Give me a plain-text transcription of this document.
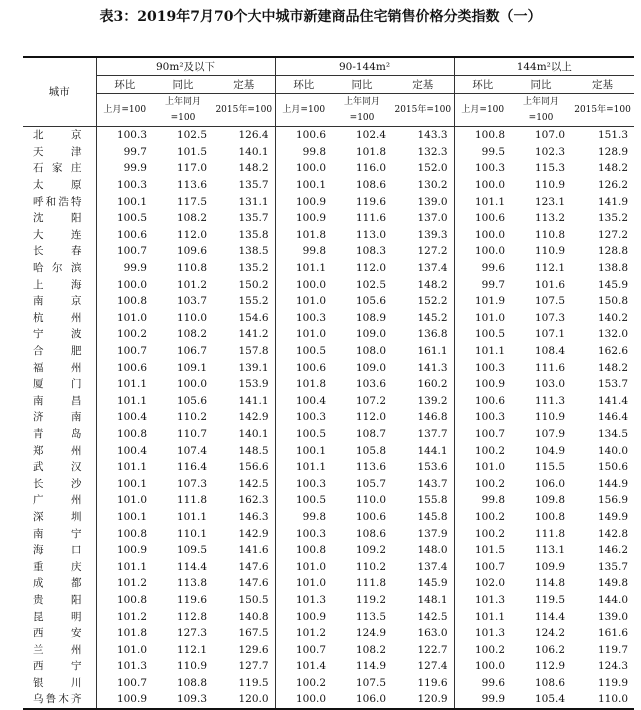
表3：2019年7月70个大中城市新建商品住宅销售价格分类指数（一）
城市	90m²及以下			90-144m²			144m²以上		
	环比	同比	定基	环比	同比	定基	环比	同比	定基
	上月=100	上年同月=100	2015年=100	上月=100	上年同月=100	2015年=100	上月=100	上年同月=100	2015年=100
北京	100.3	102.5	126.4	100.6	102.4	143.3	100.8	107.0	151.3
天津	99.7	101.5	140.1	99.8	101.8	132.3	99.5	102.3	128.9
石家庄	99.9	117.0	148.2	100.0	116.0	152.0	100.3	115.3	148.2
太原	100.3	113.6	135.7	100.1	108.6	130.2	100.0	110.9	126.2
呼和浩特	100.1	117.5	131.1	100.9	119.6	139.0	101.1	123.1	141.9
沈阳	100.5	108.2	135.7	100.9	111.6	137.0	100.6	113.2	135.2
大连	100.6	112.0	135.8	101.8	113.0	139.3	100.0	110.8	127.2
长春	100.7	109.6	138.5	99.8	108.3	127.2	100.0	110.9	128.8
哈尔滨	99.9	110.8	135.2	101.1	112.0	137.4	99.6	112.1	138.8
上海	100.0	101.2	150.2	100.0	102.5	148.2	99.7	101.6	145.9
南京	100.8	103.7	155.2	101.0	105.6	152.2	101.9	107.5	150.8
杭州	101.0	110.0	154.6	100.3	108.9	145.2	101.0	107.3	140.2
宁波	100.2	108.2	141.2	101.0	109.0	136.8	100.5	107.1	132.0
合肥	100.7	106.7	157.8	100.5	108.0	161.1	101.1	108.4	162.6
福州	100.6	109.1	139.1	100.6	109.0	141.3	100.3	111.6	148.2
厦门	101.1	100.0	153.9	101.8	103.6	160.2	100.9	103.0	153.7
南昌	101.1	105.6	141.1	100.4	107.2	139.2	100.6	111.3	141.4
济南	100.4	110.2	142.9	100.3	112.0	146.8	100.3	110.9	146.4
青岛	100.8	110.7	140.1	100.5	108.7	137.7	100.7	107.9	134.5
郑州	100.4	107.4	148.5	100.1	105.8	144.1	100.2	104.9	140.0
武汉	101.1	116.4	156.6	101.1	113.6	153.6	101.0	115.5	150.6
长沙	100.1	107.3	142.5	100.3	105.7	143.7	100.2	106.0	144.9
广州	101.0	111.8	162.3	100.5	110.0	155.8	99.8	109.8	156.9
深圳	100.1	101.1	146.3	99.8	100.6	145.8	100.2	100.8	149.9
南宁	100.8	110.1	142.9	100.3	108.6	137.9	100.2	111.8	142.8
海口	100.9	109.5	141.6	100.8	109.2	148.0	101.5	113.1	146.2
重庆	101.1	114.4	147.6	101.0	110.2	137.4	100.7	109.9	135.7
成都	101.2	113.8	147.6	101.0	111.8	145.9	102.0	114.8	149.8
贵阳	100.8	119.6	150.5	101.3	119.2	148.1	101.3	119.5	144.0
昆明	101.2	112.8	140.8	100.9	113.5	142.5	101.1	114.4	139.0
西安	101.8	127.3	167.5	101.2	124.9	163.0	101.3	124.2	161.6
兰州	101.0	112.1	129.6	100.7	108.2	122.7	100.2	106.2	119.7
西宁	101.3	110.9	127.7	101.4	114.9	127.4	100.0	112.9	124.3
银川	100.7	108.8	119.5	100.2	107.5	119.6	99.6	108.6	119.9
乌鲁木齐	100.9	109.3	120.0	100.0	106.0	120.9	99.9	105.4	110.0
